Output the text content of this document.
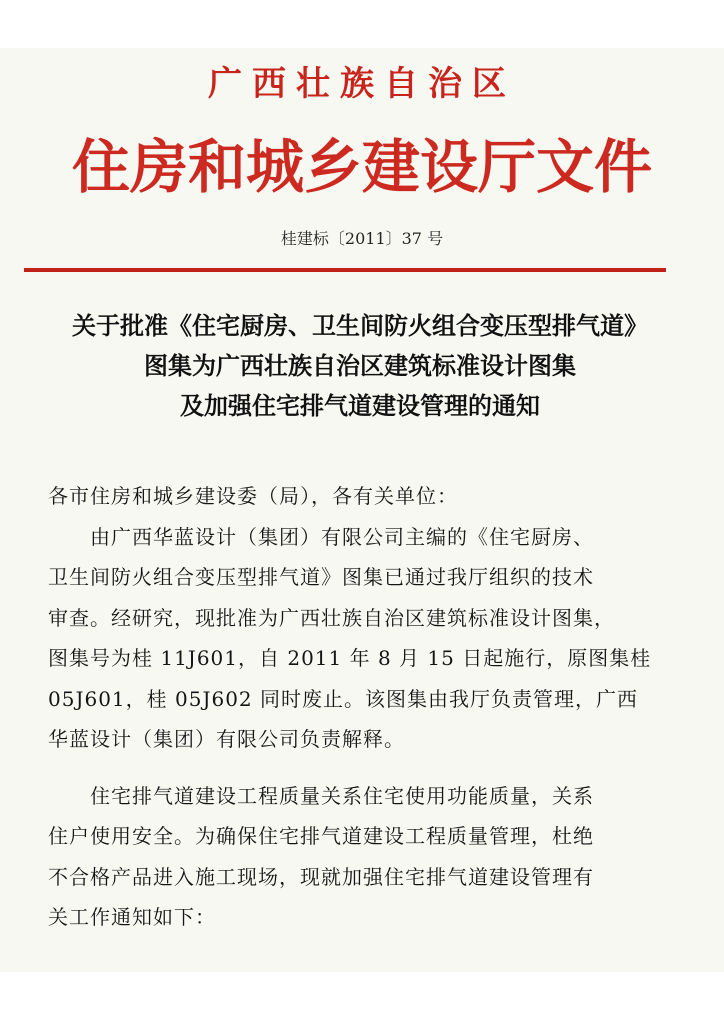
广西壮族自治区
住房和城乡建设厅文件
桂建标〔2011〕37 号
关于批准《住宅厨房、卫生间防火组合变压型排气道》
图集为广西壮族自治区建筑标准设计图集
及加强住宅排气道建设管理的通知
各市住房和城乡建设委（局），各有关单位：
　　由广西华蓝设计（集团）有限公司主编的《住宅厨房、
卫生间防火组合变压型排气道》图集已通过我厅组织的技术
审查。经研究，现批准为广西壮族自治区建筑标准设计图集，
图集号为桂 11J601，自 2011 年 8 月 15 日起施行，原图集桂
05J601，桂 05J602 同时废止。该图集由我厅负责管理，广西
华蓝设计（集团）有限公司负责解释。
　　住宅排气道建设工程质量关系住宅使用功能质量，关系
住户使用安全。为确保住宅排气道建设工程质量管理，杜绝
不合格产品进入施工现场，现就加强住宅排气道建设管理有
关工作通知如下：
